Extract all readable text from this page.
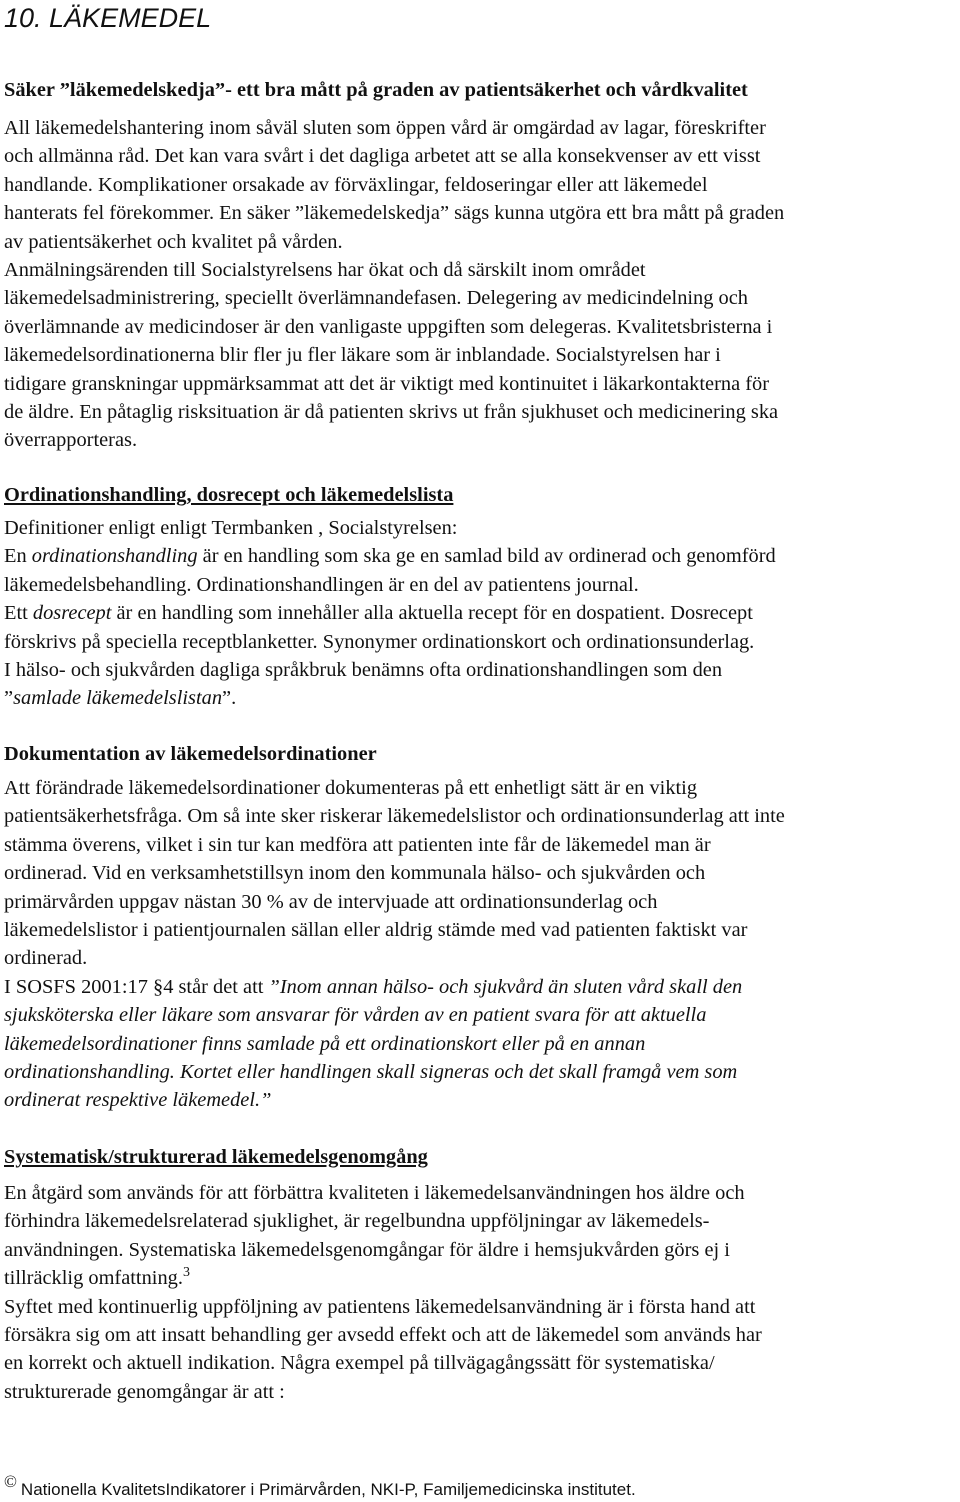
10. LÄKEMEDEL
Säker ”läkemedelskedja”- ett bra mått på graden av patientsäkerhet och vårdkvalitet
All läkemedelshantering inom såväl sluten som öppen vård är omgärdad av lagar, föreskrifter
och allmänna råd. Det kan vara svårt i det dagliga arbetet att se alla konsekvenser av ett visst
handlande. Komplikationer orsakade av förväxlingar, feldoseringar eller att läkemedel
hanterats fel förekommer. En säker ”läkemedelskedja” sägs kunna utgöra ett bra mått på graden
av patientsäkerhet och kvalitet på vården.
Anmälningsärenden till Socialstyrelsens har ökat och då särskilt inom området
läkemedelsadministrering, speciellt överlämnandefasen. Delegering av medicindelning och
överlämnande av medicindoser är den vanligaste uppgiften som delegeras. Kvalitetsbristerna i
läkemedelsordinationerna blir fler ju fler läkare som är inblandade. Socialstyrelsen har i
tidigare granskningar uppmärksammat att det är viktigt med kontinuitet i läkarkontakterna för
de äldre. En påtaglig risksituation är då patienten skrivs ut från sjukhuset och medicinering ska
överrapporteras.
Ordinationshandling, dosrecept och läkemedelslista
Definitioner enligt enligt Termbanken , Socialstyrelsen:
En ordinationshandling är en handling som ska ge en samlad bild av ordinerad och genomförd
läkemedelsbehandling. Ordinationshandlingen är en del av patientens journal.
Ett dosrecept är en handling som innehåller alla aktuella recept för en dospatient. Dosrecept
förskrivs på speciella receptblanketter. Synonymer ordinationskort och ordinationsunderlag.
I hälso- och sjukvården dagliga språkbruk benämns ofta ordinationshandlingen som den
”samlade läkemedelslistan”.
Dokumentation av läkemedelsordinationer
Att förändrade läkemedelsordinationer dokumenteras på ett enhetligt sätt är en viktig
patientsäkerhetsfråga. Om så inte sker riskerar läkemedelslistor och ordinationsunderlag att inte
stämma överens, vilket i sin tur kan medföra att patienten inte får de läkemedel man är
ordinerad. Vid en verksamhetstillsyn inom den kommunala hälso- och sjukvården och
primärvården uppgav nästan 30 % av de intervjuade att ordinationsunderlag och
läkemedelslistor i patientjournalen sällan eller aldrig stämde med vad patienten faktiskt var
ordinerad.
I SOSFS 2001:17 §4 står det att ”Inom annan hälso- och sjukvård än sluten vård skall den
sjuksköterska eller läkare som ansvarar för vården av en patient svara för att aktuella
läkemedelsordinationer finns samlade på ett ordinationskort eller på en annan
ordinationshandling. Kortet eller handlingen skall signeras och det skall framgå vem som
ordinerat respektive läkemedel.”
Systematisk/strukturerad läkemedelsgenomgång
En åtgärd som används för att förbättra kvaliteten i läkemedelsanvändningen hos äldre och
förhindra läkemedelsrelaterad sjuklighet, är regelbundna uppföljningar av läkemedels-
användningen. Systematiska läkemedelsgenomgångar för äldre i hemsjukvården görs ej i
tillräcklig omfattning.$^3$
Syftet med kontinuerlig uppföljning av patientens läkemedelsanvändning är i första hand att
försäkra sig om att insatt behandling ger avsedd effekt och att de läkemedel som används har
en korrekt och aktuell indikation. Några exempel på tillvägagångssätt för systematiska/
strukturerade genomgångar är att :
© Nationella KvalitetsIndikatorer i Primärvården, NKI-P, Familjemedicinska institutet.
